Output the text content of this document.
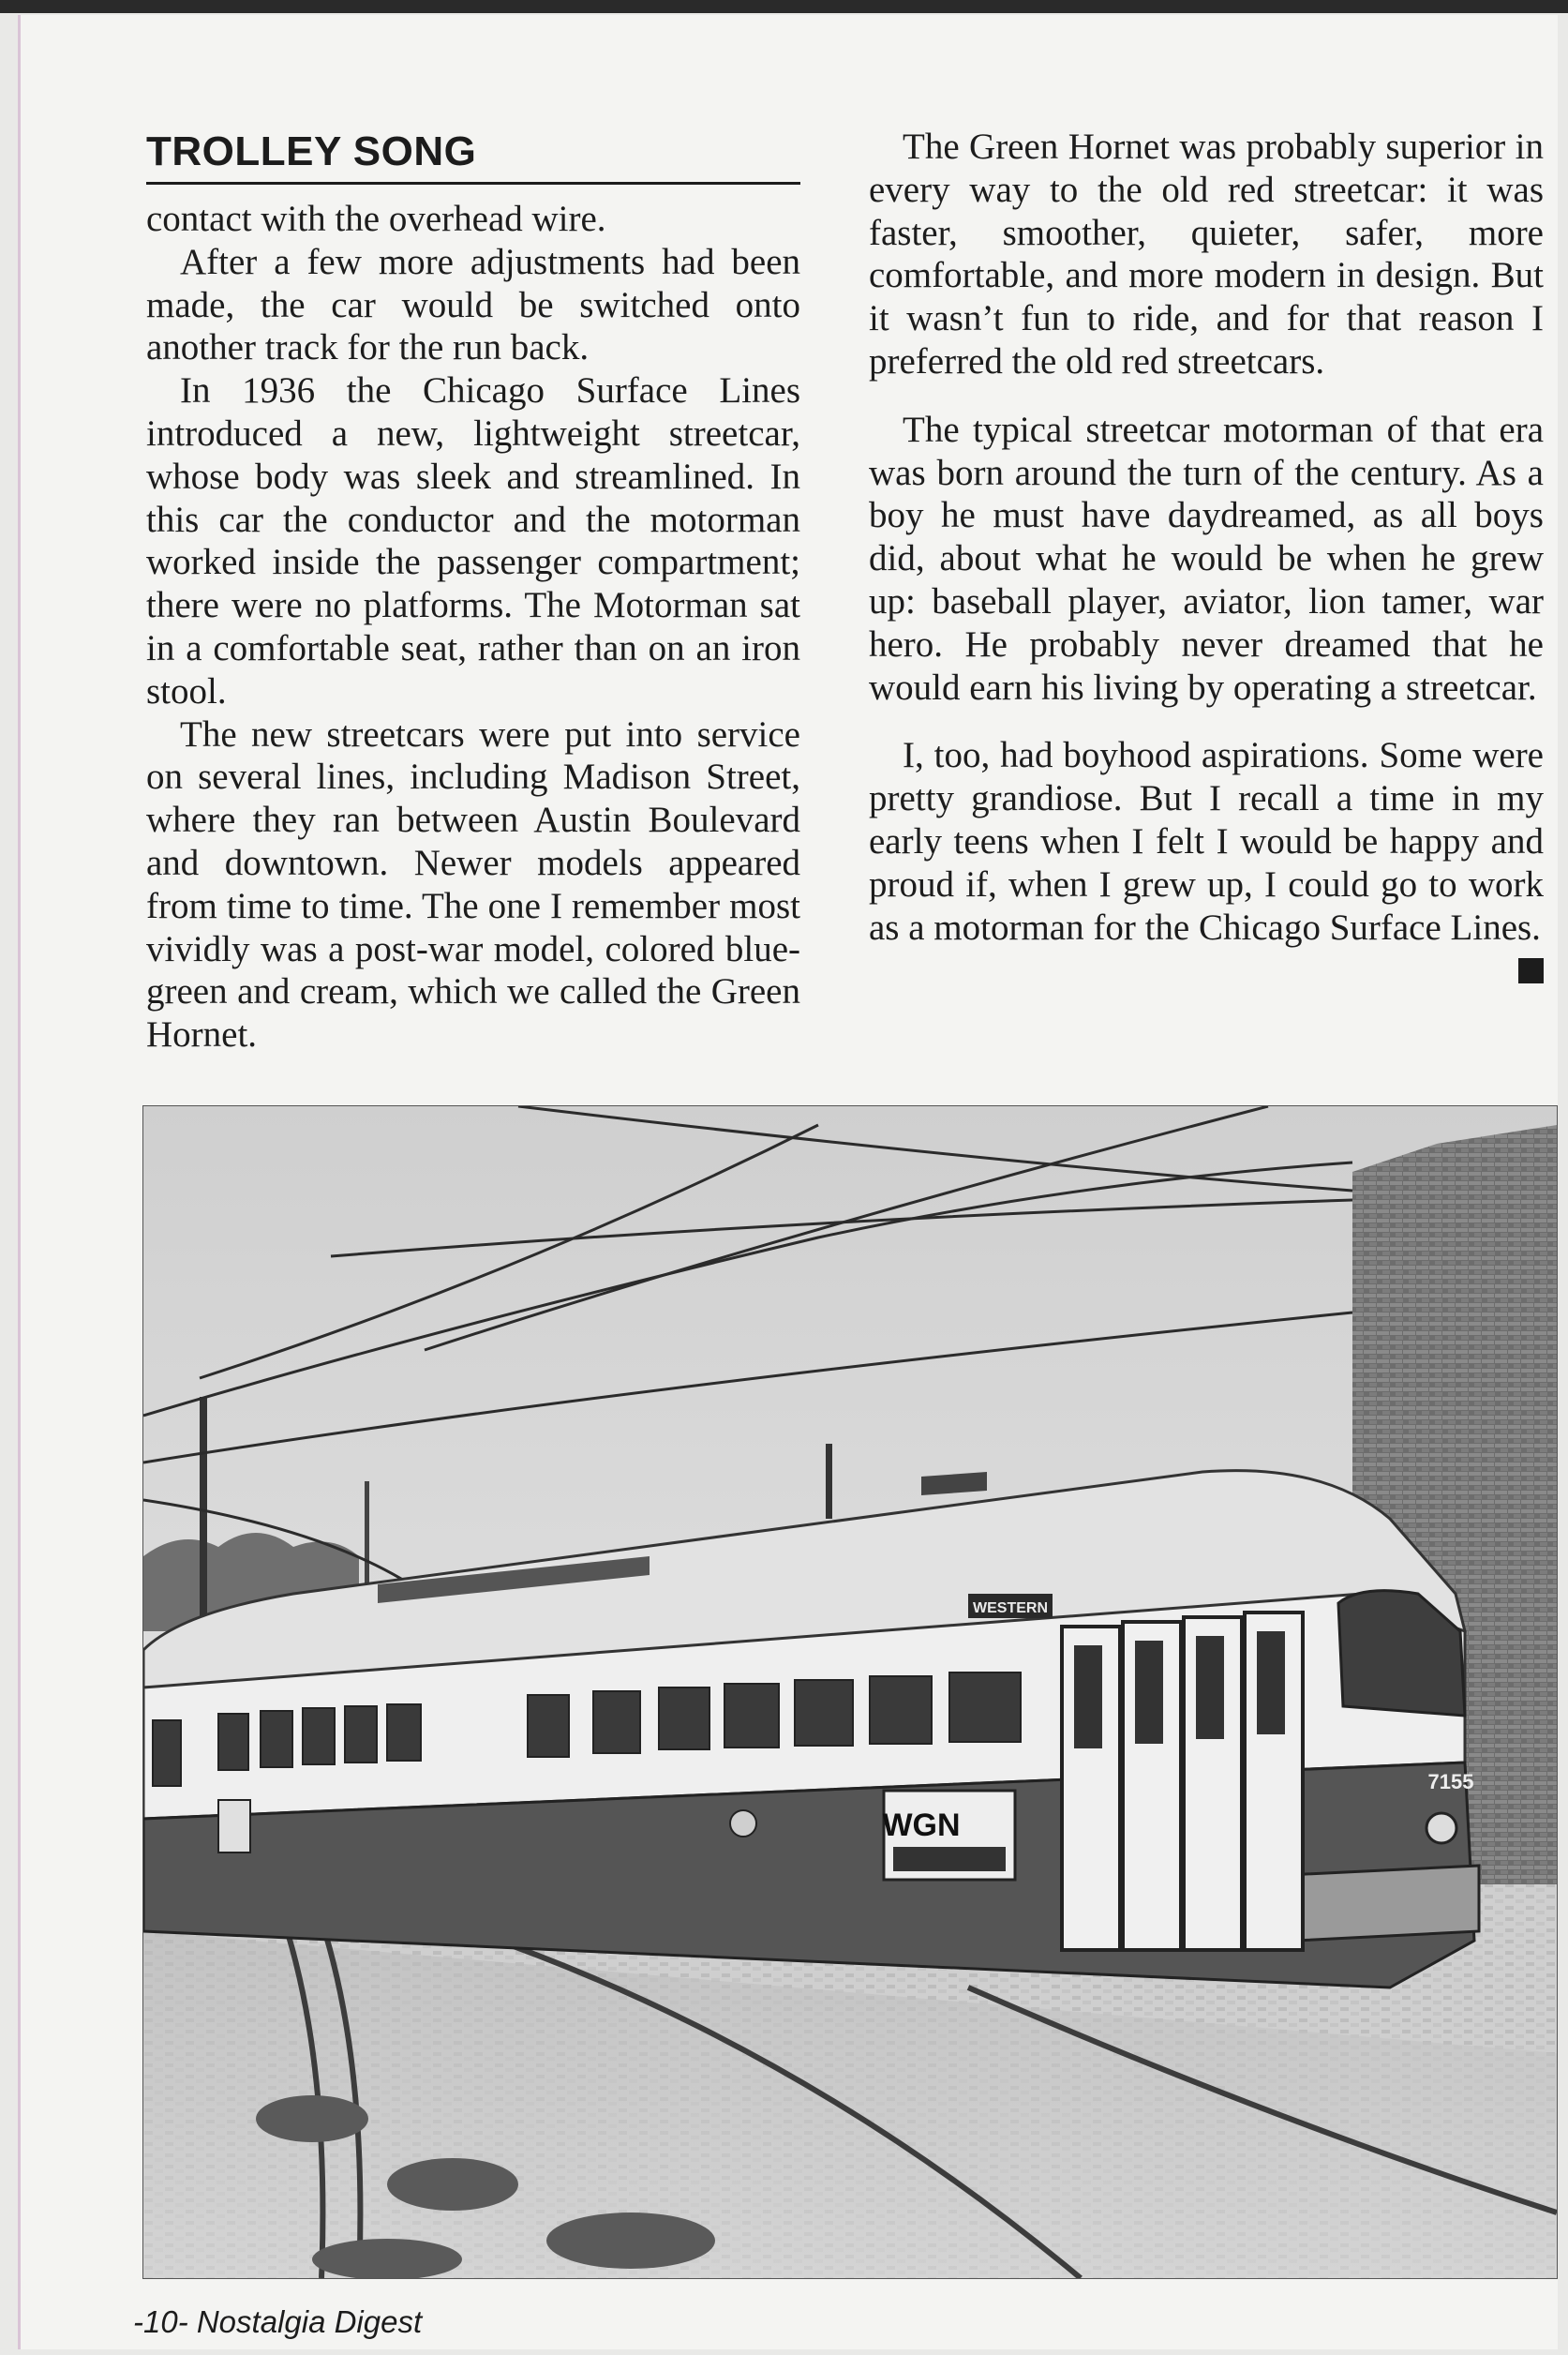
TROLLEY SONG

contact with the overhead wire.

After a few more adjustments had been made, the car would be switched onto another track for the run back.

In 1936 the Chicago Surface Lines introduced a new, lightweight streetcar, whose body was sleek and streamlined. In this car the conductor and the motorman worked inside the passenger compartment; there were no platforms. The Motorman sat in a comfortable seat, rather than on an iron stool.

The new streetcars were put into service on several lines, including Madison Street, where they ran between Austin Boulevard and downtown. Newer models appeared from time to time. The one I remember most vividly was a post-war model, colored blue-green and cream, which we called the Green Hornet.

The Green Hornet was probably superior in every way to the old red streetcar: it was faster, smoother, quieter, safer, more comfortable, and more modern in design. But it wasn’t fun to ride, and for that reason I preferred the old red streetcars.

The typical streetcar motorman of that era was born around the turn of the century. As a boy he must have daydreamed, as all boys did, about what he would be when he grew up: baseball player, aviator, lion tamer, war hero. He probably never dreamed that he would earn his living by operating a streetcar.

I, too, had boyhood aspirations. Some were pretty grandiose. But I recall a time in my early teens when I felt I would be happy and proud if, when I grew up, I could go to work as a motorman for the Chicago Surface Lines.

WESTERN
WGN
7155
-10- Nostalgia Digest
